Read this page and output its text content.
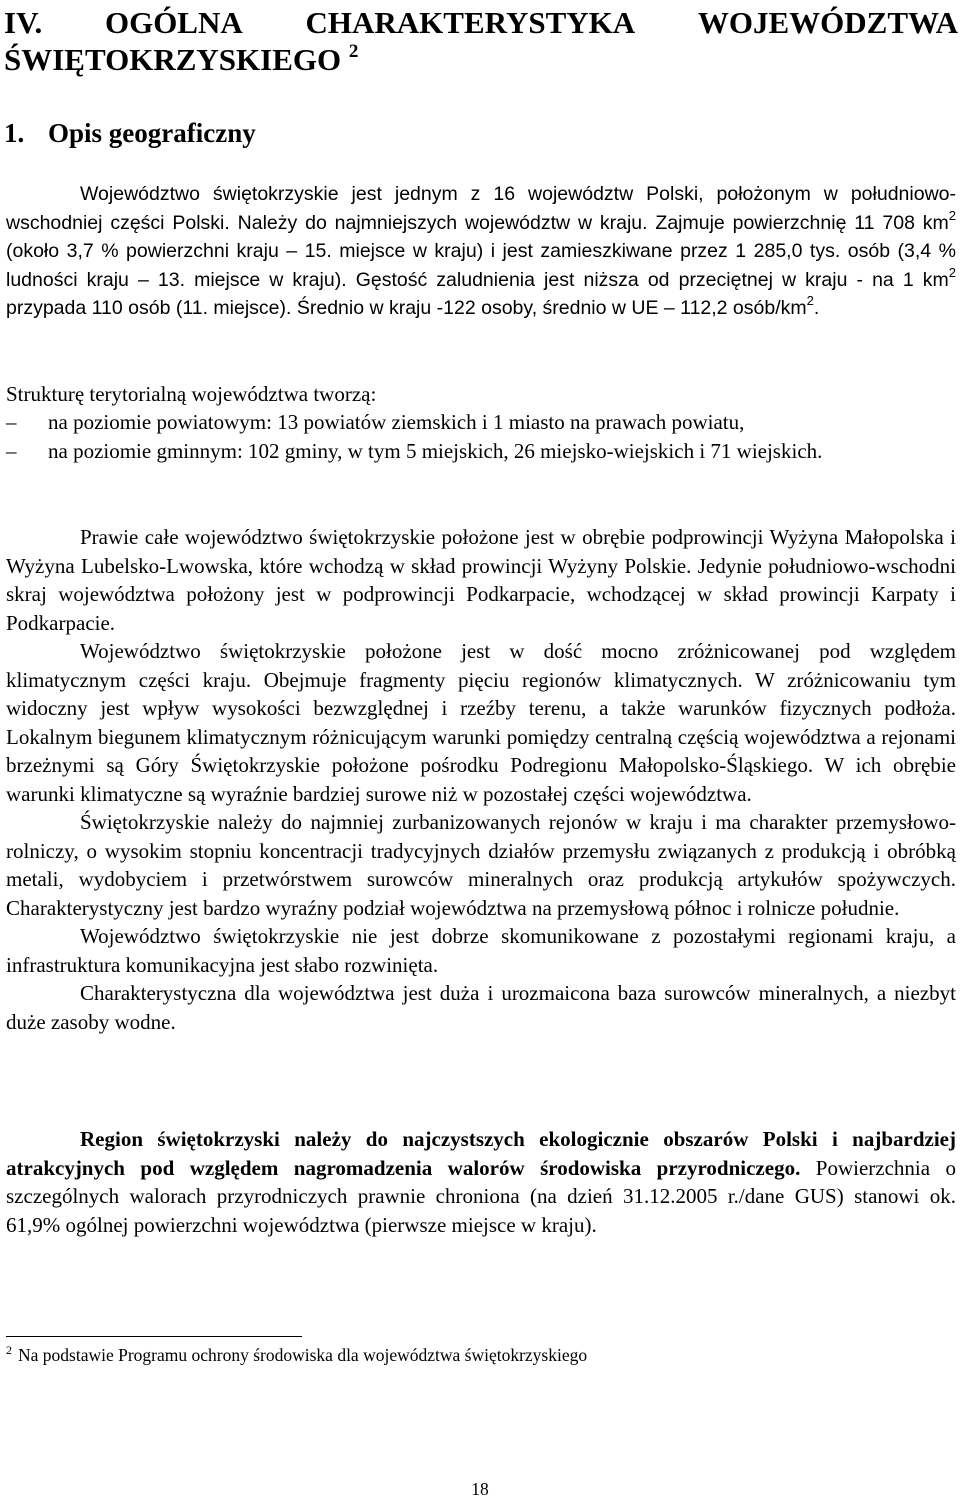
IV. OGÓLNA CHARAKTERYSTYKA WOJEWÓDZTWA
ŚWIĘTOKRZYSKIEGO $^2$
1. Opis geograficzny

Województwo świętokrzyskie jest jednym z 16 województw Polski, położonym w południowo-wschodniej części Polski. Należy do najmniejszych województw w kraju. Zajmuje powierzchnię 11 708 $km^2$ (około 3,7 % powierzchni kraju – 15. miejsce w kraju) i jest zamieszkiwane przez 1 285,0 tys. osób (3,4 % ludności kraju – 13. miejsce w kraju). Gęstość zaludnienia jest niższa od przeciętnej w kraju - na 1 $km^2$ przypada 110 osób (11. miejsce). Średnio w kraju -122 osoby, średnio w UE – 112,2 osób/$km^2$.

Strukturę terytorialną województwa tworzą:

–	na poziomie powiatowym: 13 powiatów ziemskich i 1 miasto na prawach powiatu,
–	na poziomie gminnym: 102 gminy, w tym 5 miejskich, 26 miejsko-wiejskich i 71 wiejskich.

Prawie całe województwo świętokrzyskie położone jest w obrębie podprowincji Wyżyna Małopolska i Wyżyna Lubelsko-Lwowska, które wchodzą w skład prowincji Wyżyny Polskie. Jedynie południowo-wschodni skraj województwa położony jest w podprowincji Podkarpacie, wchodzącej w skład prowincji Karpaty i Podkarpacie.

Województwo świętokrzyskie położone jest w dość mocno zróżnicowanej pod względem klimatycznym części kraju. Obejmuje fragmenty pięciu regionów klimatycznych. W zróżnicowaniu tym widoczny jest wpływ wysokości bezwzględnej i rzeźby terenu, a także warunków fizycznych podłoża. Lokalnym biegunem klimatycznym różnicującym warunki pomiędzy centralną częścią województwa a rejonami brzeżnymi są Góry Świętokrzyskie położone pośrodku Podregionu Małopolsko-Śląskiego. W ich obrębie warunki klimatyczne są wyraźnie bardziej surowe niż w pozostałej części województwa.

Świętokrzyskie należy do najmniej zurbanizowanych rejonów w kraju i ma charakter przemysłowo-rolniczy, o wysokim stopniu koncentracji tradycyjnych działów przemysłu związanych z produkcją i obróbką metali, wydobyciem i przetwórstwem surowców mineralnych oraz produkcją artykułów spożywczych. Charakterystyczny jest bardzo wyraźny podział województwa na przemysłową północ i rolnicze południe.

Województwo świętokrzyskie nie jest dobrze skomunikowane z pozostałymi regionami kraju, a infrastruktura komunikacyjna jest słabo rozwinięta.

Charakterystyczna dla województwa jest duża i urozmaicona baza surowców mineralnych, a niezbyt duże zasoby wodne.

Region świętokrzyski należy do najczystszych ekologicznie obszarów Polski i najbardziej atrakcyjnych pod względem nagromadzenia walorów środowiska przyrodniczego. Powierzchnia o szczególnych walorach przyrodniczych prawnie chroniona (na dzień 31.12.2005 r./dane GUS) stanowi ok. 61,9% ogólnej powierzchni województwa (pierwsze miejsce w kraju).

$^2$ Na podstawie Programu ochrony środowiska dla województwa świętokrzyskiego

18
